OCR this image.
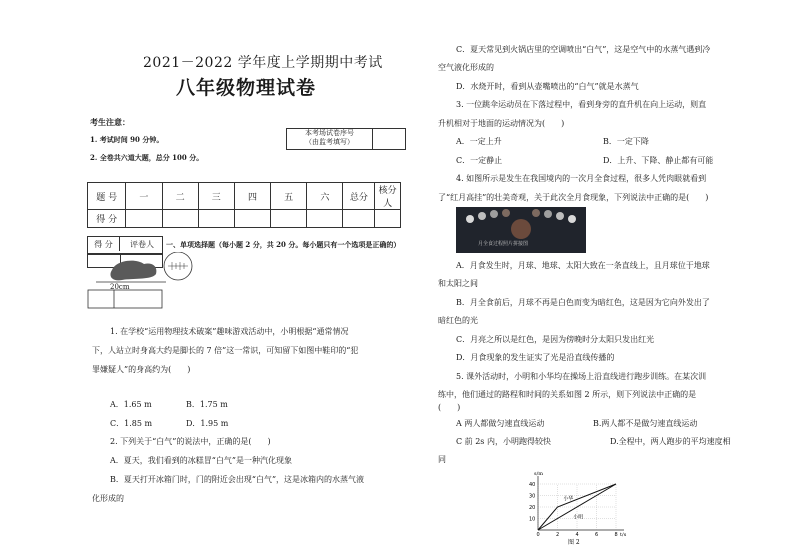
2021－2022 学年度上学期期中考试
八年级物理试卷
考生注意：
1. 考试时间 90 分钟。
2. 全卷共六道大题，总分 100 分。
本考场试卷序号
（由监考填写）
题 号	一	二	三	四	五	六	总分	核分人
得 分								
得 分	评卷人	一、单项选择题（每小题 2 分，共 20 分。每小题只有一个选项是正确的）
20cm
1. 在学校“运用物理技术破案”趣味游戏活动中，小明根据“通常情况
下，人站立时身高大约是脚长的 7 倍”这一常识，可知留下如图中鞋印的“犯
罪嫌疑人”的身高约为(　　)
A．1.65 m	B．1.75 m
C．1.85 m	D．1.95 m
2. 下列关于“白气”的说法中，正确的是(　　)
A．夏天，我们看到的冰糕冒“白气”是一种汽化现象
B．夏天打开冰箱门时，门的附近会出现“白气”，这是冰箱内的水蒸气液
化形成的
C．夏天常见到火锅店里的空调喷出“白气”，这是空气中的水蒸气遇到冷
空气液化形成的
D．水烧开时，看到从壶嘴喷出的“白气”就是水蒸气
3. 一位跳伞运动员在下落过程中，看到身旁的直升机在向上运动，则直
升机相对于地面的运动情况为(　　)
A．一定上升	B．一定下降
C．一定静止	D．上升、下降、静止都有可能
4. 如图所示是发生在我国境内的一次月全食过程，很多人凭肉眼就看到
了“红月高挂”的壮美奇观，关于此次全月食现象，下列说法中正确的是(　　)
月全食过程照片拼接图
A．月食发生时，月球、地球、太阳大致在一条直线上，且月球位于地球
和太阳之间
B．月全食前后，月球不再是白色而变为暗红色，这是因为它向外发出了
暗红色的光
C．月亮之所以是红色，是因为傍晚时分太阳只发出红光
D．月食现象的发生证实了光是沿直线传播的
5. 课外活动时，小明和小华均在操场上沿直线进行跑步训练。在某次训
练中，他们通过的路程和时间的关系如图 2 所示，则下列说法中正确的是
(　　)
A 两人都做匀速直线运动	B.两人都不是做匀速直线运动
C 前 2s 内，小明跑得较快	D.全程中，两人跑步的平均速度相
同
0	2	4	6	8
10
20
30
40
s/m
t/s
小华
小明
图 2
